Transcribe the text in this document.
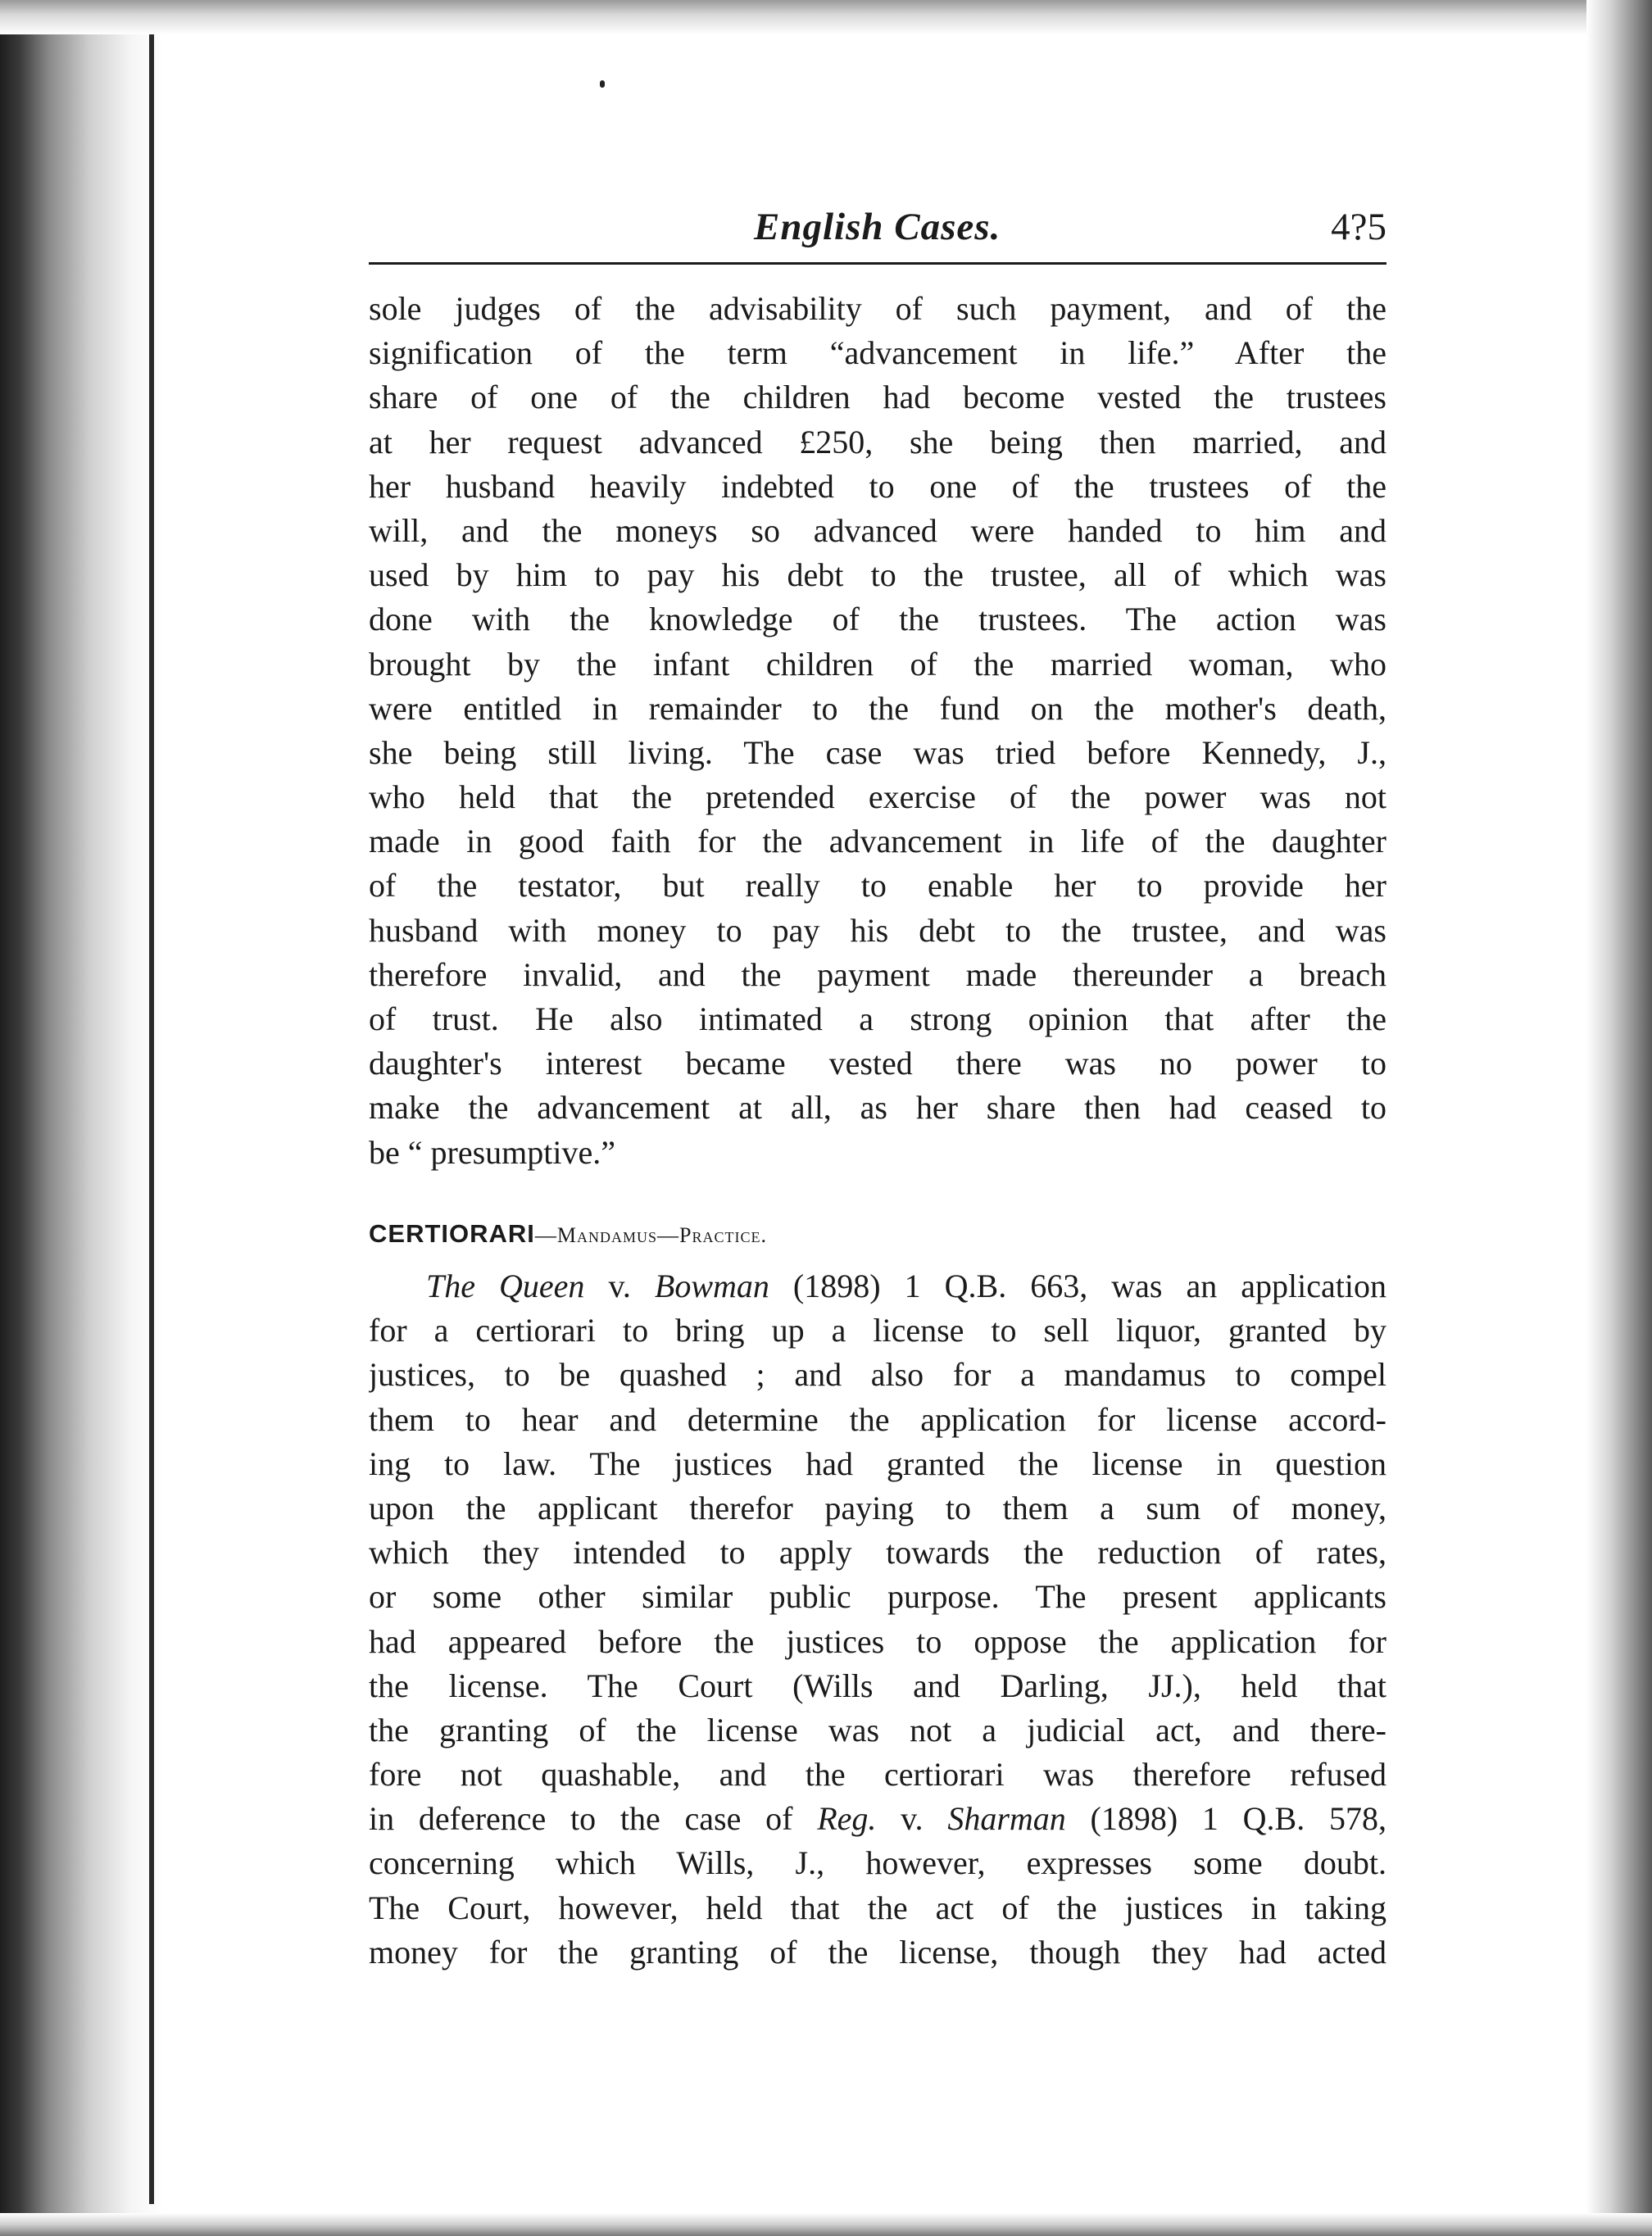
English Cases.	4?5
sole judges of the advisability of such payment, and of the
signification of the term “advancement in life.” After the
share of one of the children had become vested the trustees
at her request advanced £250, she being then married, and
her husband heavily indebted to one of the trustees of the
will, and the moneys so advanced were handed to him and
used by him to pay his debt to the trustee, all of which was
done with the knowledge of the trustees. The action was
brought by the infant children of the married woman, who
were entitled in remainder to the fund on the mother's death,
she being still living. The case was tried before Kennedy, J.,
who held that the pretended exercise of the power was not
made in good faith for the advancement in life of the daughter
of the testator, but really to enable her to provide her
husband with money to pay his debt to the trustee, and was
therefore invalid, and the payment made thereunder a breach
of trust. He also intimated a strong opinion that after the
daughter's interest became vested there was no power to
make the advancement at all, as her share then had ceased to
be “ presumptive.”
CERTIORARI—Mandamus—Practice.
The Queen v. Bowman (1898) 1 Q.B. 663, was an application
for a certiorari to bring up a license to sell liquor, granted by
justices, to be quashed ; and also for a mandamus to compel
them to hear and determine the application for license accord-
ing to law. The justices had granted the license in question
upon the applicant therefor paying to them a sum of money,
which they intended to apply towards the reduction of rates,
or some other similar public purpose. The present applicants
had appeared before the justices to oppose the application for
the license. The Court (Wills and Darling, JJ.), held that
the granting of the license was not a judicial act, and there-
fore not quashable, and the certiorari was therefore refused
in deference to the case of Reg. v. Sharman (1898) 1 Q.B. 578,
concerning which Wills, J., however, expresses some doubt.
The Court, however, held that the act of the justices in taking
money for the granting of the license, though they had acted
